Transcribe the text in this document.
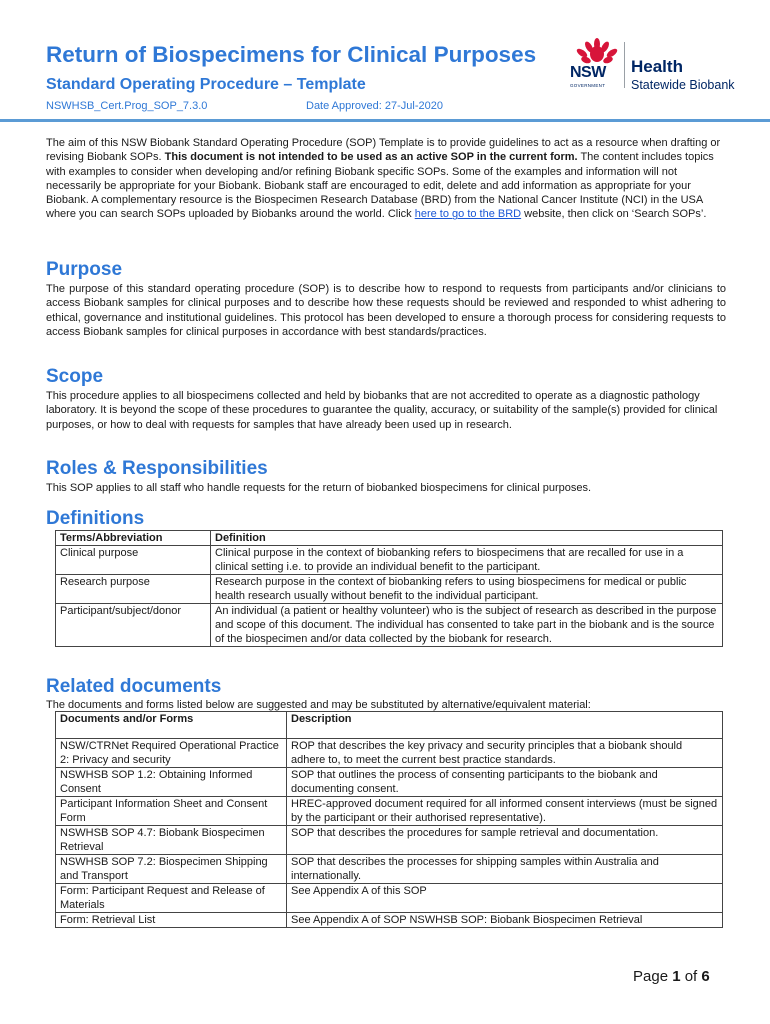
Return of Biospecimens for Clinical Purposes
Standard Operating Procedure – Template
NSWHSB_Cert.Prog_SOP_7.3.0	Date Approved: 27-Jul-2020
NSW
GOVERNMENT
Health
Statewide Biobank

The aim of this NSW Biobank Standard Operating Procedure (SOP) Template is to provide guidelines to act as a resource when drafting or revising Biobank SOPs. This document is not intended to be used as an active SOP in the current form. The content includes topics with examples to consider when developing and/or refining Biobank specific SOPs. Some of the examples and information will not necessarily be appropriate for your Biobank. Biobank staff are encouraged to edit, delete and add information as appropriate for your Biobank. A complementary resource is the Biospecimen Research Database (BRD) from the National Cancer Institute (NCI) in the USA where you can search SOPs uploaded by Biobanks around the world. Click here to go to the BRD website, then click on ‘Search SOPs’.

Purpose

The purpose of this standard operating procedure (SOP) is to describe how to respond to requests from participants and/or clinicians to access Biobank samples for clinical purposes and to describe how these requests should be reviewed and responded to whist adhering to ethical, governance and institutional guidelines. This protocol has been developed to ensure a thorough process for considering requests to access Biobank samples for clinical purposes in accordance with best standards/practices.

Scope

This procedure applies to all biospecimens collected and held by biobanks that are not accredited to operate as a diagnostic pathology laboratory. It is beyond the scope of these procedures to guarantee the quality, accuracy, or suitability of the sample(s) provided for clinical purposes, or how to deal with requests for samples that have already been used up in research.

Roles & Responsibilities

This SOP applies to all staff who handle requests for the return of biobanked biospecimens for clinical purposes.

Definitions
Terms/Abbreviation	Definition
Clinical purpose	Clinical purpose in the context of biobanking refers to biospecimens that are recalled for use in a clinical setting i.e. to provide an individual benefit to the participant.
Research purpose	Research purpose in the context of biobanking refers to using biospecimens for medical or public health research usually without benefit to the individual participant.
Participant/subject/donor	An individual (a patient or healthy volunteer) who is the subject of research as described in the purpose and scope of this document. The individual has consented to take part in the biobank and is the source of the biospecimen and/or data collected by the biobank for research.
Related documents

The documents and forms listed below are suggested and may be substituted by alternative/equivalent material:

Documents and/or Forms	Description
NSW/CTRNet Required Operational Practice 2: Privacy and security	ROP that describes the key privacy and security principles that a biobank should adhere to, to meet the current best practice standards.
NSWHSB SOP 1.2: Obtaining Informed Consent	SOP that outlines the process of consenting participants to the biobank and documenting consent.
Participant Information Sheet and Consent Form	HREC-approved document required for all informed consent interviews (must be signed by the participant or their authorised representative).
NSWHSB SOP 4.7: Biobank Biospecimen Retrieval	SOP that describes the procedures for sample retrieval and documentation.
NSWHSB SOP 7.2: Biospecimen Shipping and Transport	SOP that describes the processes for shipping samples within Australia and internationally.
Form: Participant Request and Release of Materials	See Appendix A of this SOP
Form: Retrieval List	See Appendix A of SOP NSWHSB SOP: Biobank Biospecimen Retrieval
Page 1 of 6
